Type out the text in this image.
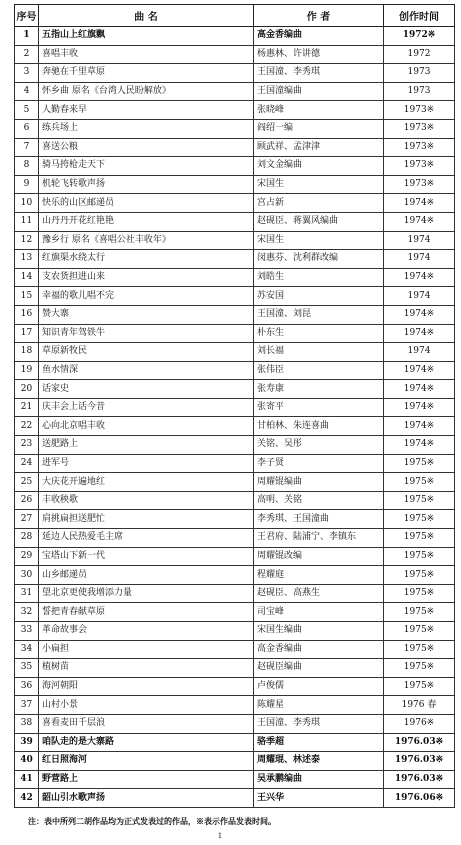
序号	曲 名	作 者	创作时间
1	五指山上红旗飘	高金香编曲	1972※
2	喜唱丰收	杨惠林、许讲德	1972
3	奔驰在千里草原	王国潼、李秀琪	1973
4	怀乡曲 原名《台湾人民盼解放》	王国潼编曲	1973
5	人勤春来早	张晓峰	1973※
6	练兵场上	阎绍一编	1973※
7	喜送公粮	顾武祥、孟津津	1973※
8	骑马挎枪走天下	刘文金编曲	1973※
9	机轮飞转歌声扬	宋国生	1973※
10	快乐的山区邮递员	宫占新	1974※
11	山丹丹开花红艳艳	赵砚臣、蒋翼风编曲	1974※
12	豫乡行 原名《喜唱公社丰收年》	宋国生	1974
13	红旗渠水绕太行	闵惠芬、沈利群改编	1974
14	支农货担进山来	刘皓生	1974※
15	幸福的歌儿唱不完	苏安国	1974
16	赞大寨	王国潼、刘昆	1974※
17	知识青年驾铁牛	朴东生	1974※
18	草原新牧民	刘长福	1974
19	鱼水情深	张伟臣	1974※
20	话家史	张寿康	1974※
21	庆丰会上话今昔	张寄平	1974※
22	心向北京唱丰收	甘柏林、朱连喜曲	1974※
23	送肥路上	关铭、吴彤	1974※
24	进军号	李子贤	1975※
25	大庆花开遍地红	周耀锟编曲	1975※
26	丰收秧歌	高明、关铭	1975※
27	肩挑扁担送肥忙	李秀琪、王国潼曲	1975※
28	延边人民热爱毛主席	王君府、陆浦宁、李镇东	1975※
29	宝塔山下新一代	周耀锟改编	1975※
30	山乡邮递员	程耀庭	1975※
31	望北京更使我增添力量	赵砚臣、高燕生	1975※
32	誓把青春献草原	司宝峰	1975※
33	革命故事会	宋国生编曲	1975※
34	小扁担	高金香编曲	1975※
35	植树苗	赵砚臣编曲	1975※
36	海河朝阳	卢俊儒	1975※
37	山村小景	陈耀星	1976 春
38	喜看麦田千层浪	王国潼、李秀琪	1976※
39	咱队走的是大寨路	骆季超	1976.03※
40	红日照海河	周耀琨、林述泰	1976.03※
41	野营路上	吴承鹏编曲	1976.03※
42	韶山引水歌声扬	王兴华	1976.06※
注：表中所列二胡作品均为正式发表过的作品，※表示作品发表时间。
1
